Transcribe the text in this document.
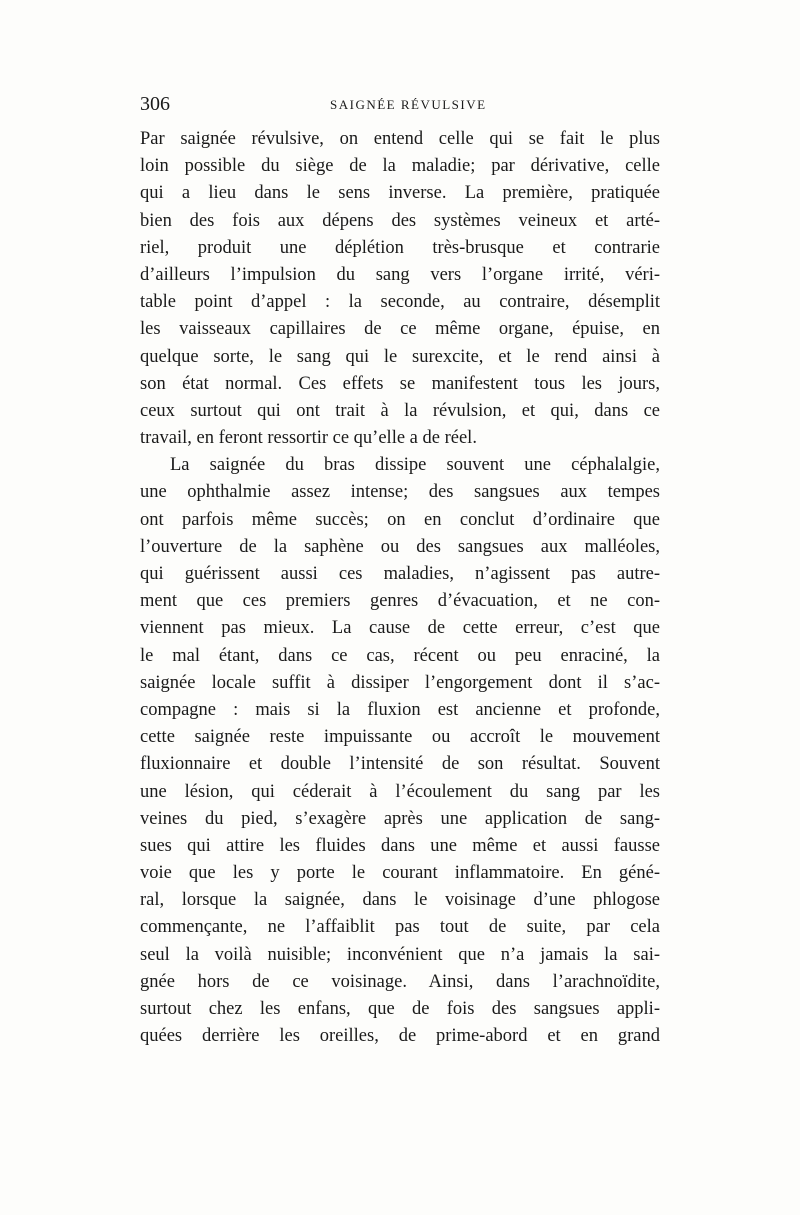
306	SAIGNÉE RÉVULSIVE
Par saignée révulsive, on entend celle qui se fait le plus
loin possible du siège de la maladie; par dérivative, celle
qui a lieu dans le sens inverse. La première, pratiquée
bien des fois aux dépens des systèmes veineux et arté-
riel, produit une déplétion très-brusque et contrarie
d’ailleurs l’impulsion du sang vers l’organe irrité, véri-
table point d’appel : la seconde, au contraire, désemplit
les vaisseaux capillaires de ce même organe, épuise, en
quelque sorte, le sang qui le surexcite, et le rend ainsi à
son état normal. Ces effets se manifestent tous les jours,
ceux surtout qui ont trait à la révulsion, et qui, dans ce
travail, en feront ressortir ce qu’elle a de réel.
La saignée du bras dissipe souvent une céphalalgie,
une ophthalmie assez intense; des sangsues aux tempes
ont parfois même succès; on en conclut d’ordinaire que
l’ouverture de la saphène ou des sangsues aux malléoles,
qui guérissent aussi ces maladies, n’agissent pas autre-
ment que ces premiers genres d’évacuation, et ne con-
viennent pas mieux. La cause de cette erreur, c’est que
le mal étant, dans ce cas, récent ou peu enraciné, la
saignée locale suffit à dissiper l’engorgement dont il s’ac-
compagne : mais si la fluxion est ancienne et profonde,
cette saignée reste impuissante ou accroît le mouvement
fluxionnaire et double l’intensité de son résultat. Souvent
une lésion, qui céderait à l’écoulement du sang par les
veines du pied, s’exagère après une application de sang-
sues qui attire les fluides dans une même et aussi fausse
voie que les y porte le courant inflammatoire. En géné-
ral, lorsque la saignée, dans le voisinage d’une phlogose
commençante, ne l’affaiblit pas tout de suite, par cela
seul la voilà nuisible; inconvénient que n’a jamais la sai-
gnée hors de ce voisinage. Ainsi, dans l’arachnoïdite,
surtout chez les enfans, que de fois des sangsues appli-
quées derrière les oreilles, de prime-abord et en grand
